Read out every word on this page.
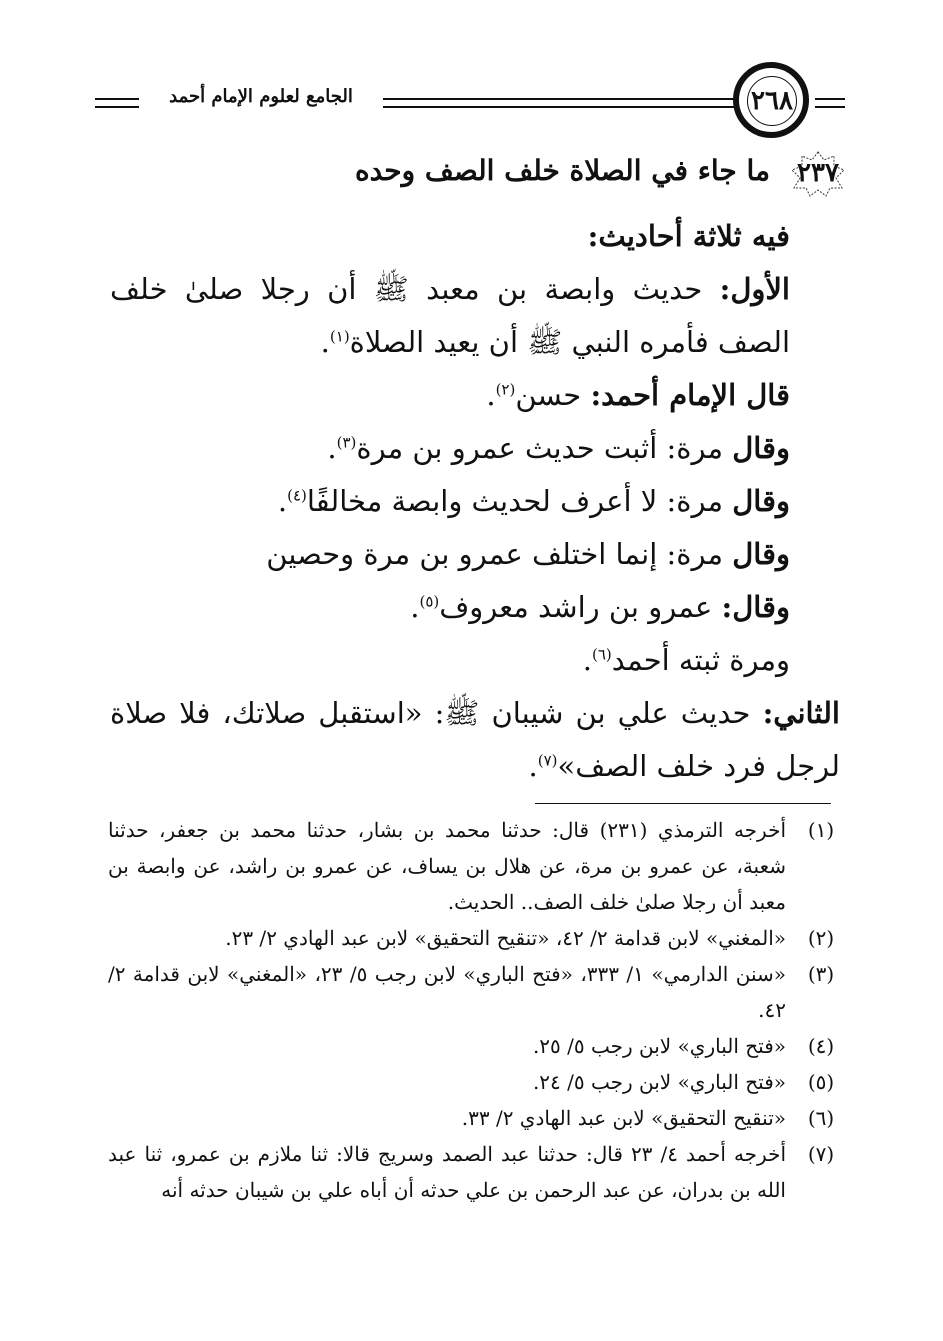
الجامع لعلوم الإمام أحمد	٢٦٨
٢٣٧
ما جاء في الصلاة خلف الصف وحده

فيه ثلاثة أحاديث:

الأول: حديث وابصة بن معبد ﷺ أن رجلا صلىٰ خلف الصف فأمره النبي ﷺ أن يعيد الصلاة$^{(١)}$.

قال الإمام أحمد: حسن$^{(٢)}$.

وقال مرة: أثبت حديث عمرو بن مرة$^{(٣)}$.

وقال مرة: لا أعرف لحديث وابصة مخالفًا$^{(٤)}$.

وقال مرة: إنما اختلف عمرو بن مرة وحصين

وقال: عمرو بن راشد معروف$^{(٥)}$.

ومرة ثبته أحمد$^{(٦)}$.

الثاني: حديث علي بن شيبان ﷺ: «استقبل صلاتك، فلا صلاة لرجل فرد خلف الصف»$^{(٧)}$.

(١)
أخرجه الترمذي (٢٣١) قال: حدثنا محمد بن بشار، حدثنا محمد بن جعفر، حدثنا شعبة، عن عمرو بن مرة، عن هلال بن يساف، عن عمرو بن راشد، عن وابصة بن معبد أن رجلا صلىٰ خلف الصف.. الحديث.

(٢)
«المغني» لابن قدامة ٢/ ٤٢، «تنقيح التحقيق» لابن عبد الهادي ٢/ ٢٣.

(٣)
«سنن الدارمي» ١/ ٣٣٣، «فتح الباري» لابن رجب ٥/ ٢٣، «المغني» لابن قدامة ٢/ ٤٢.

(٤)
«فتح الباري» لابن رجب ٥/ ٢٥.

(٥)
«فتح الباري» لابن رجب ٥/ ٢٤.

(٦)
«تنقيح التحقيق» لابن عبد الهادي ٢/ ٣٣.

(٧)
أخرجه أحمد ٤/ ٢٣ قال: حدثنا عبد الصمد وسريج قالا: ثنا ملازم بن عمرو، ثنا عبد الله بن بدران، عن عبد الرحمن بن علي حدثه أن أباه علي بن شيبان حدثه أنه
